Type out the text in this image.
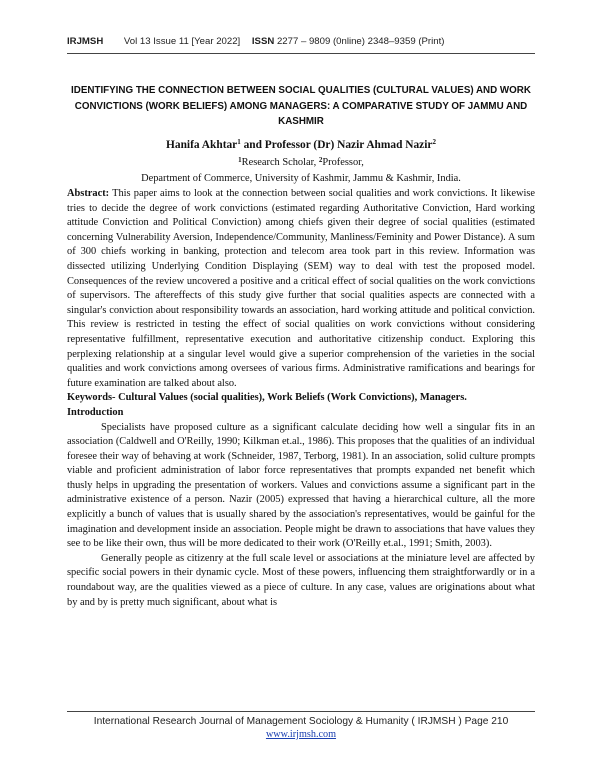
IRJMSH Vol 13 Issue 11 [Year 2022] ISSN 2277 – 9809 (0nline) 2348–9359 (Print)
IDENTIFYING THE CONNECTION BETWEEN SOCIAL QUALITIES (CULTURAL VALUES) AND WORK CONVICTIONS (WORK BELIEFS) AMONG MANAGERS: A COMPARATIVE STUDY OF JAMMU AND KASHMIR
Hanifa Akhtar$^1$ and Professor (Dr) Nazir Ahmad Nazir$^2$
$^1$Research Scholar, $^2$Professor,
Department of Commerce, University of Kashmir, Jammu & Kashmir, India.

Abstract: This paper aims to look at the connection between social qualities and work convictions. It likewise tries to decide the degree of work convictions (estimated regarding Authoritative Conviction, Hard working attitude Conviction and Political Conviction) among chiefs given their degree of social qualities (estimated concerning Vulnerability Aversion, Independence/Community, Manliness/Feminity and Power Distance). A sum of 300 chiefs working in banking, protection and telecom area took part in this review. Information was dissected utilizing Underlying Condition Displaying (SEM) way to deal with test the proposed model. Consequences of the review uncovered a positive and a critical effect of social qualities on the work convictions of supervisors. The aftereffects of this study give further that social qualities aspects are connected with a singular's conviction about responsibility towards an association, hard working attitude and political conviction. This review is restricted in testing the effect of social qualities on work convictions without considering representative fulfillment, representative execution and authoritative citizenship conduct. Exploring this perplexing relationship at a singular level would give a superior comprehension of the varieties in the social qualities and work convictions among oversees of various firms. Administrative ramifications and bearings for future examination are talked about also.

Keywords- Cultural Values (social qualities), Work Beliefs (Work Convictions), Managers.

Introduction

Specialists have proposed culture as a significant calculate deciding how well a singular fits in an association (Caldwell and O'Reilly, 1990; Kilkman et.al., 1986). This proposes that the qualities of an individual foresee their way of behaving at work (Schneider, 1987, Terborg, 1981). In an association, solid culture prompts viable and proficient administration of labor force representatives that prompts expanded net benefit which thusly helps in upgrading the presentation of workers. Values and convictions assume a significant part in the administrative existence of a person. Nazir (2005) expressed that having a hierarchical culture, all the more explicitly a bunch of values that is usually shared by the association's representatives, would be gainful for the imagination and development inside an association. People might be drawn to associations that have values they see to be like their own, thus will be more dedicated to their work (O'Reilly et.al., 1991; Smith, 2003).

Generally people as citizenry at the full scale level or associations at the miniature level are affected by specific social powers in their dynamic cycle. Most of these powers, influencing them straightforwardly or in a roundabout way, are the qualities viewed as a piece of culture. In any case, values are originations about what by and by is pretty much significant, about what is

International Research Journal of Management Sociology & Humanity ( IRJMSH ) Page 210
www.irjmsh.com
